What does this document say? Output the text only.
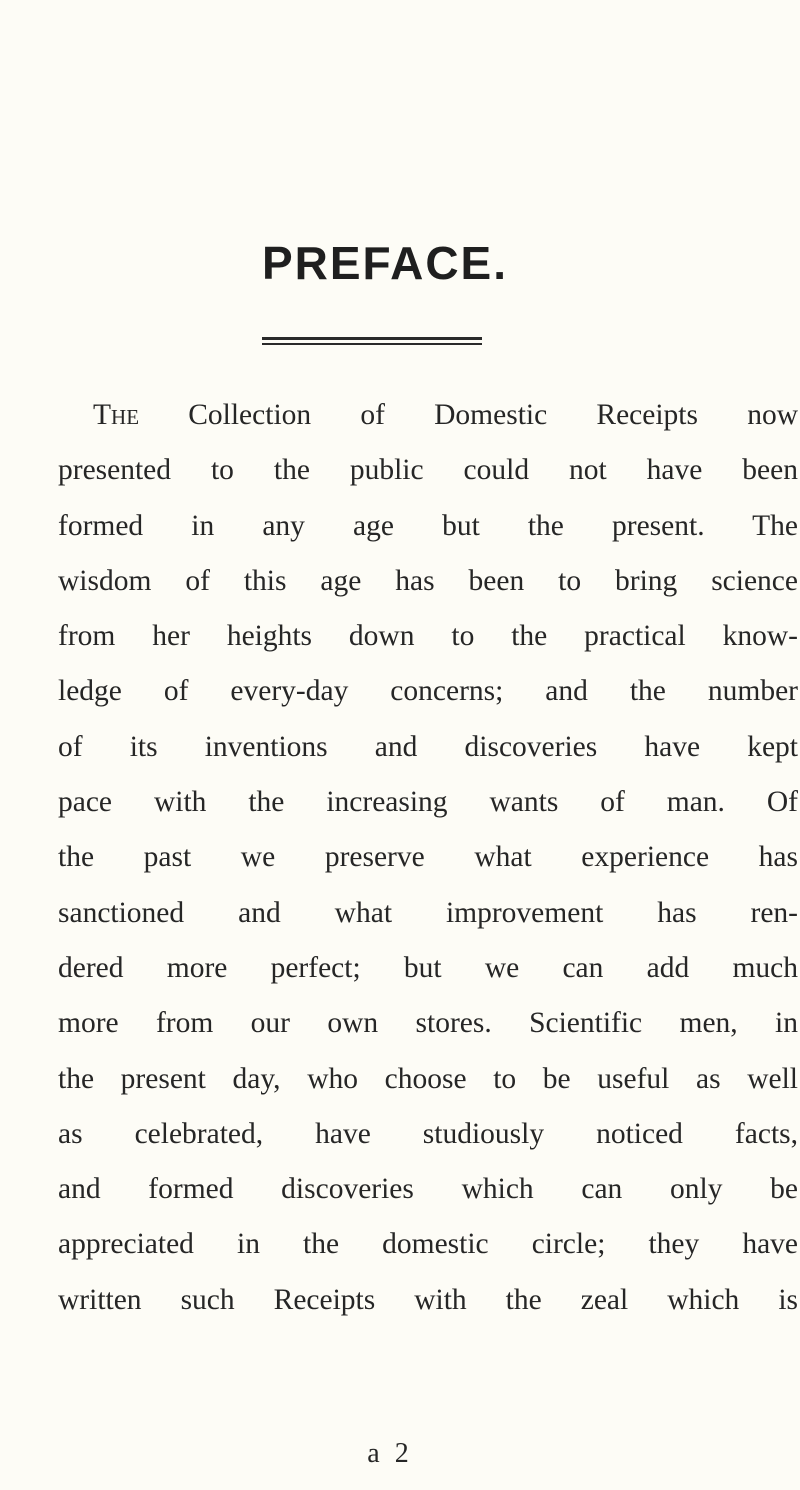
PREFACE.
The Collection of Domestic Receipts now
presented to the public could not have been
formed in any age but the present. The
wisdom of this age has been to bring science
from her heights down to the practical know-
ledge of every-day concerns; and the number
of its inventions and discoveries have kept
pace with the increasing wants of man. Of
the past we preserve what experience has
sanctioned and what improvement has ren-
dered more perfect; but we can add much
more from our own stores. Scientific men, in
the present day, who choose to be useful as well
as celebrated, have studiously noticed facts,
and formed discoveries which can only be
appreciated in the domestic circle; they have
written such Receipts with the zeal which is
a 2
